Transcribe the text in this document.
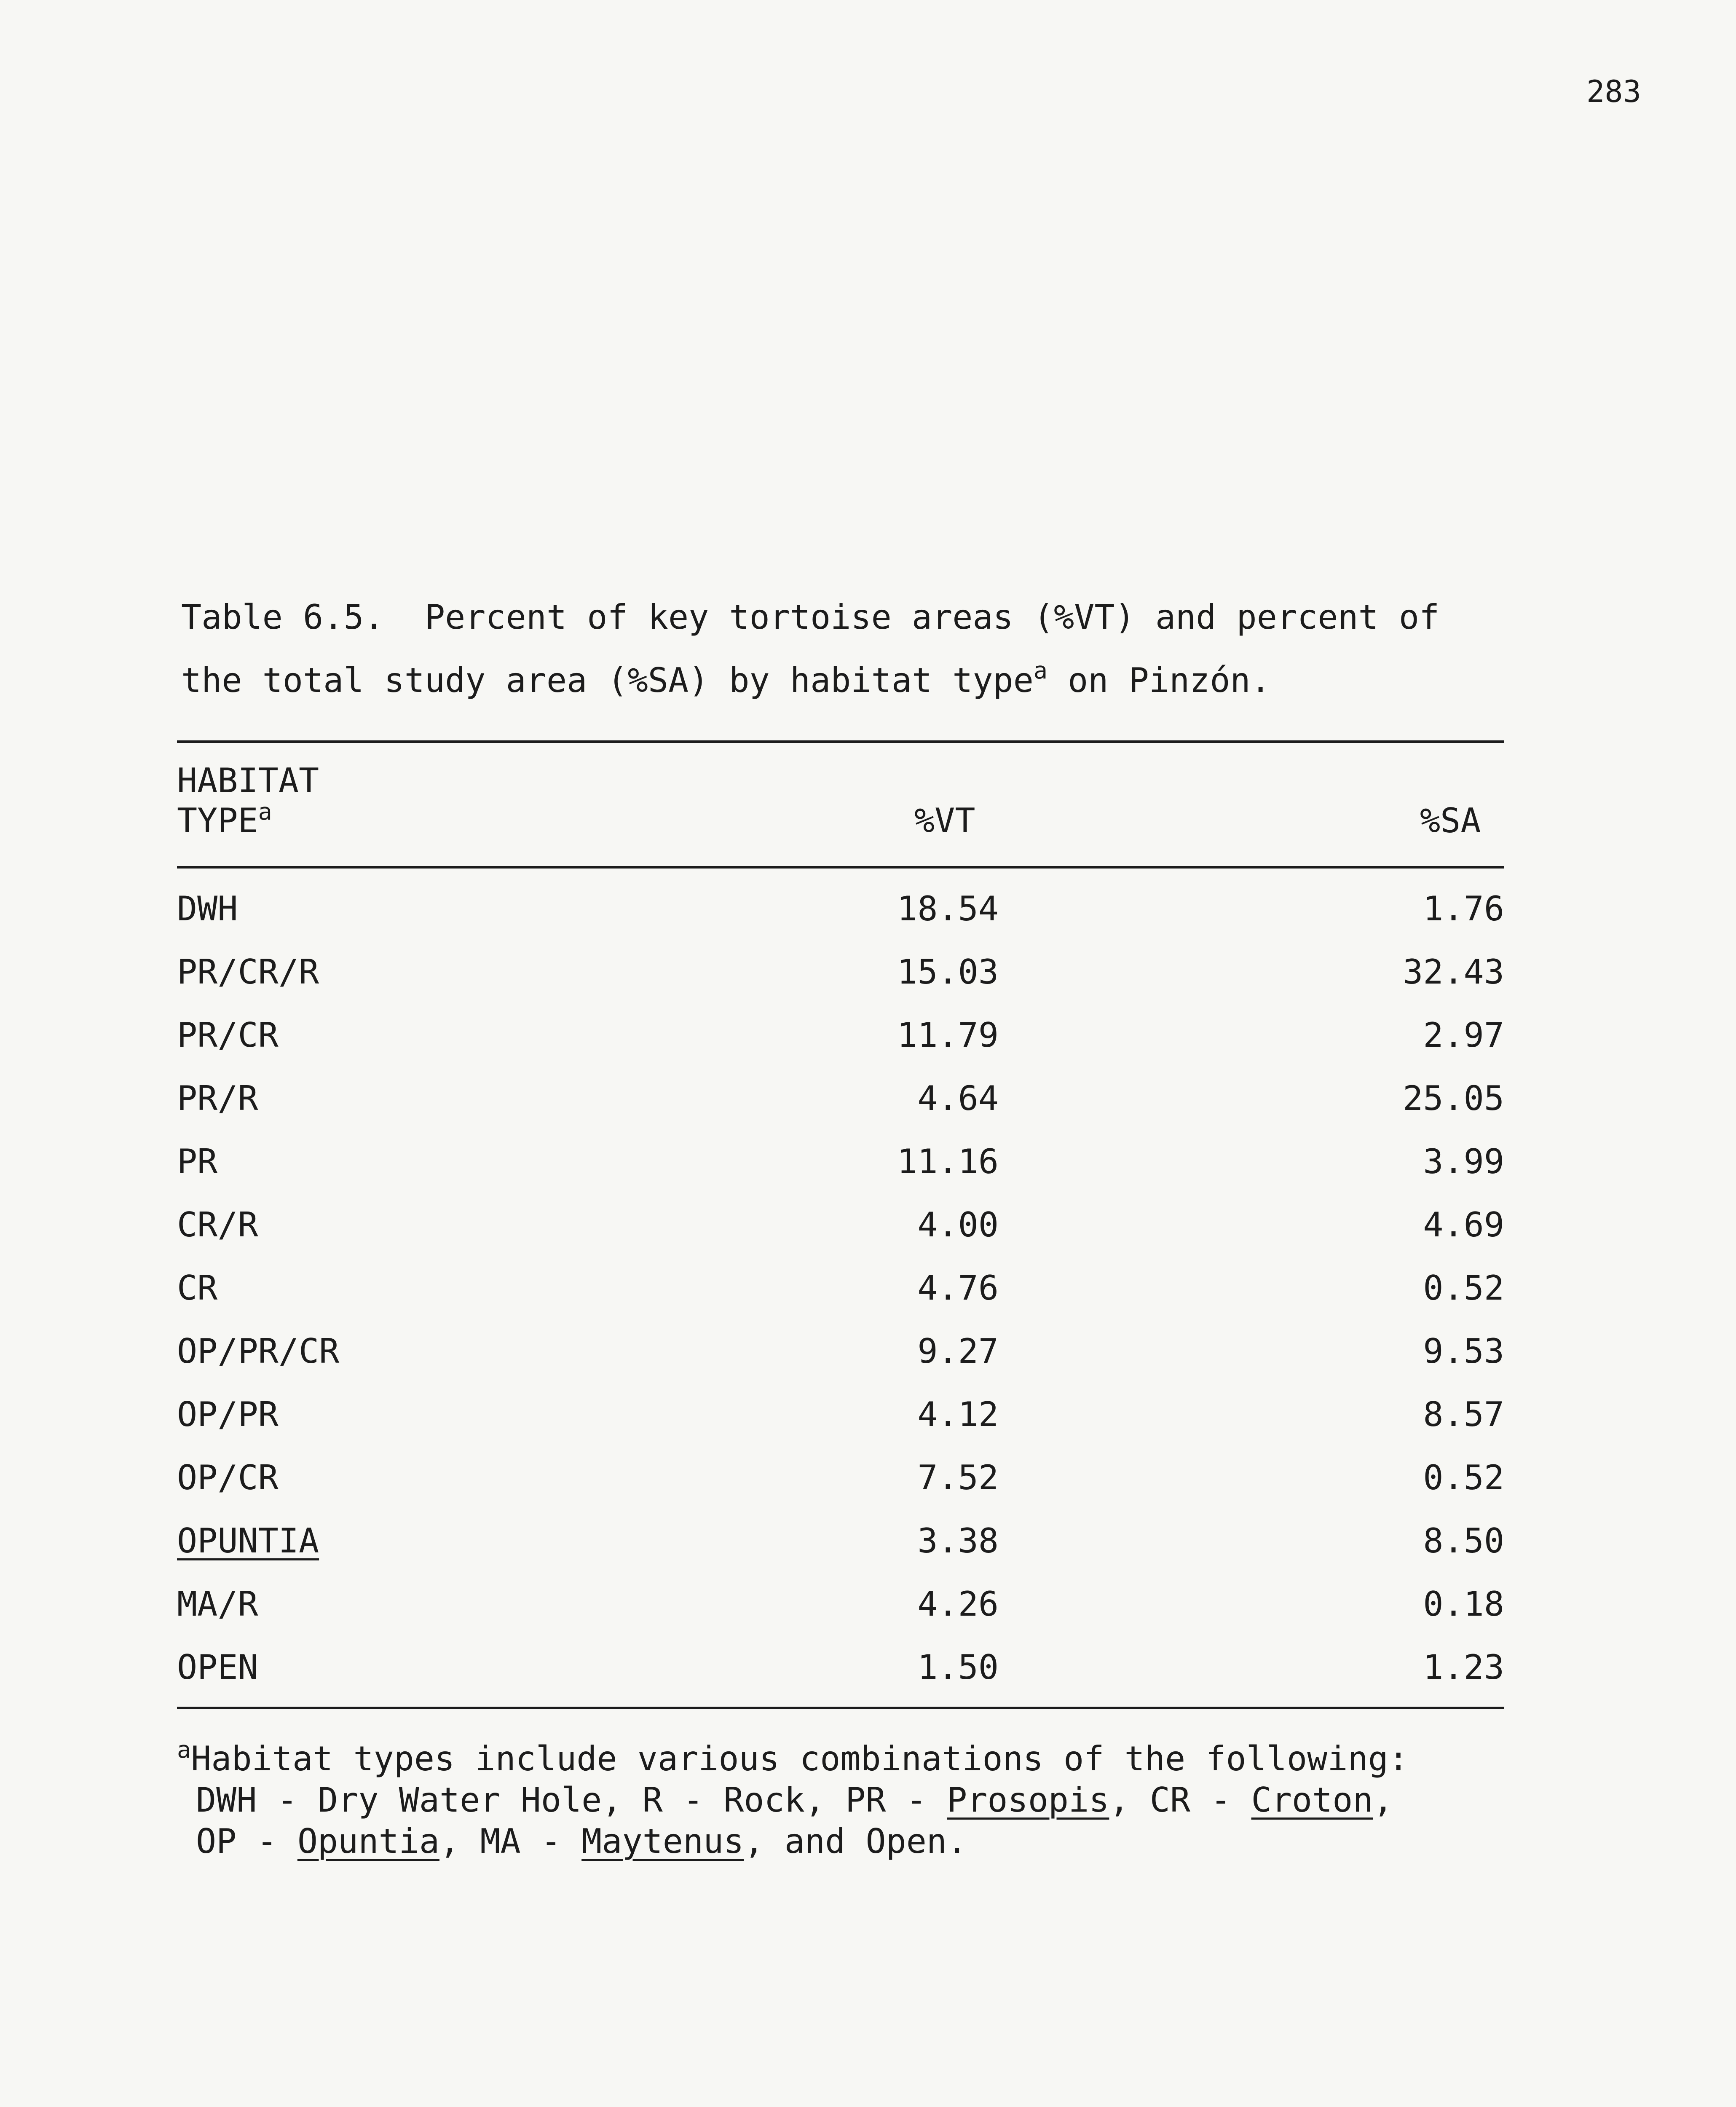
283
Table 6.5.  Percent of key tortoise areas (%VT) and percent of
the total study area (%SA) by habitat type$^a$ on Pinzón.
HABITAT
TYPE$^a$	%VT	%SA
DWH	18.54	1.76
PR/CR/R	15.03	32.43
PR/CR	11.79	2.97
PR/R	4.64	25.05
PR	11.16	3.99
CR/R	4.00	4.69
CR	4.76	0.52
OP/PR/CR	9.27	9.53
OP/PR	4.12	8.57
OP/CR	7.52	0.52
OPUNTIA	3.38	8.50
MA/R	4.26	0.18
OPEN	1.50	1.23
$^a$Habitat types include various combinations of the following:
DWH - Dry Water Hole, R - Rock, PR - Prosopis, CR - Croton,
OP - Opuntia, MA - Maytenus, and Open.
